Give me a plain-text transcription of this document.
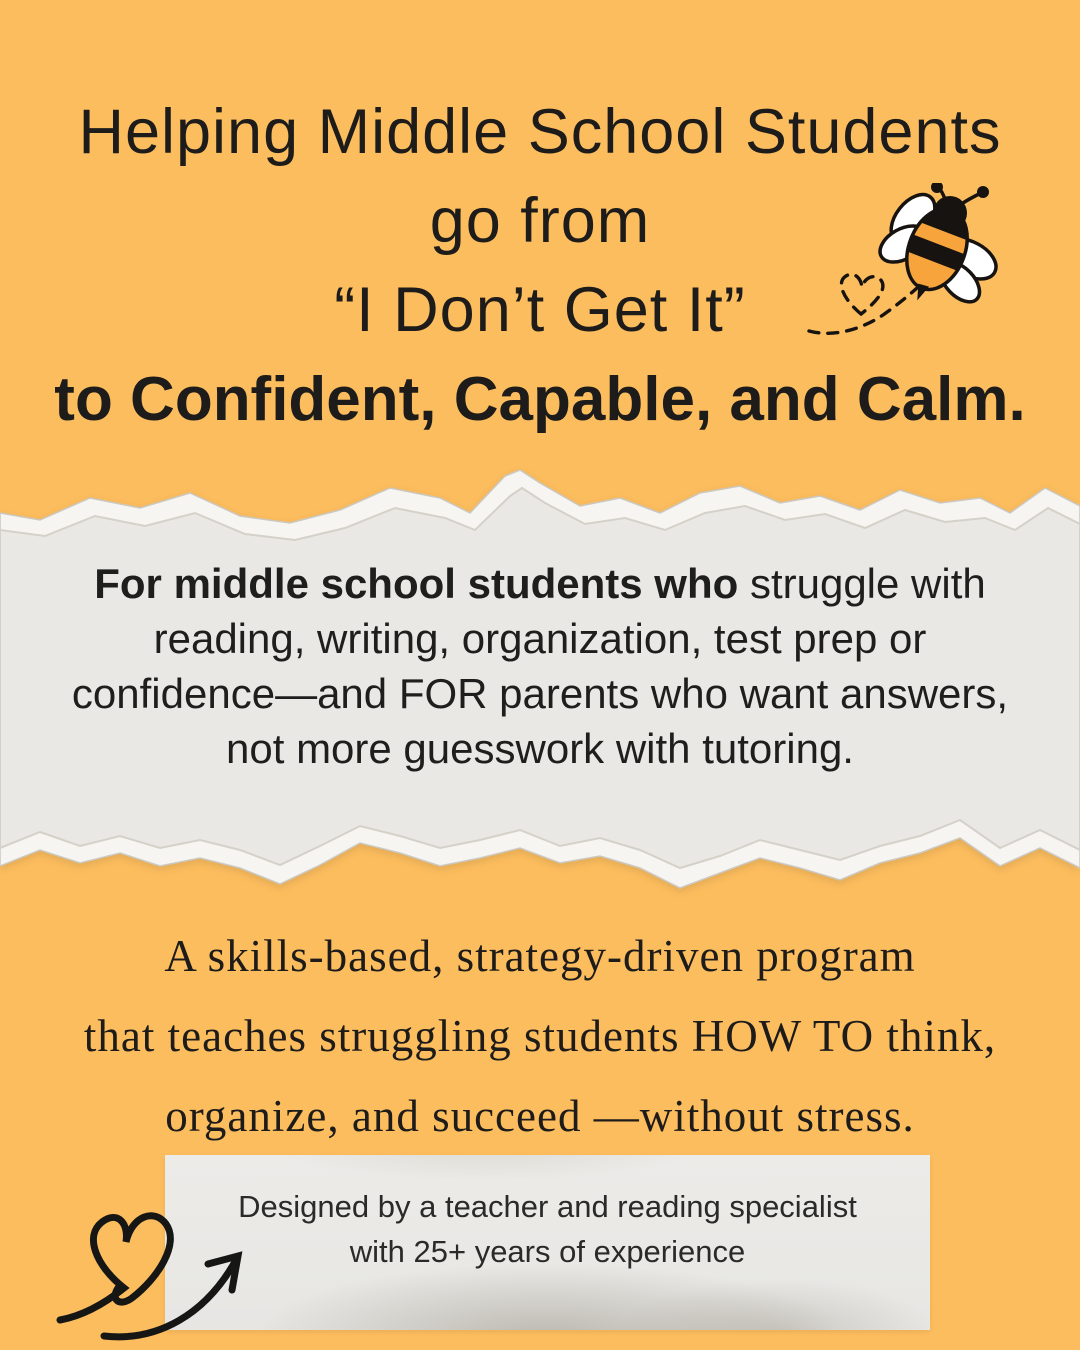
Helping Middle School Students
go from
“I Don’t Get It”
to Confident, Capable, and Calm.
For middle school students who struggle with
reading, writing, organization, test prep or
confidence—and FOR parents who want answers,
not more guesswork with tutoring.
A skills-based, strategy-driven program
that teaches struggling students HOW TO think,
organize, and succeed —without stress.
Designed by a teacher and reading specialist
with 25+ years of experience
